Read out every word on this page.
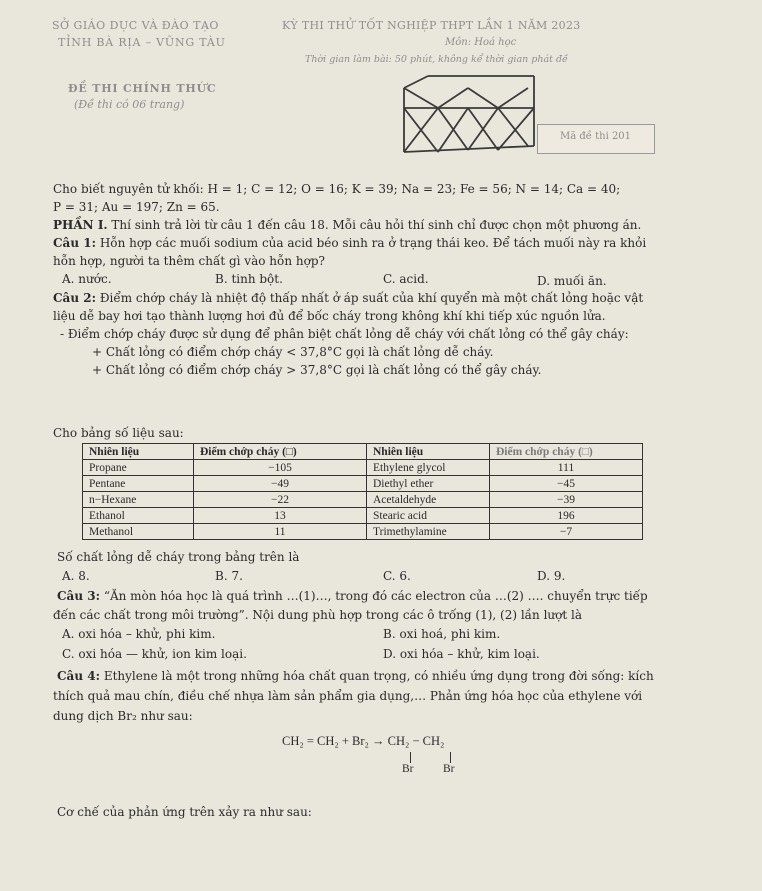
SỞ GIÁO DỤC VÀ ĐÀO TẠO
TỈNH BÀ RỊA – VŨNG TÀU
ĐỀ THI CHÍNH THỨC
(Đề thi có 06 trang)
KỲ THI THỬ TỐT NGHIỆP THPT LẦN 1 NĂM 2023
Môn: Hoá học
Thời gian làm bài: 50 phút, không kể thời gian phát đề
Mã đề thi 201
Cho biết nguyên tử khối: H = 1; C = 12; O = 16; K = 39; Na = 23; Fe = 56; N = 14; Ca = 40;
P = 31; Au = 197; Zn = 65.
PHẦN I. Thí sinh trả lời từ câu 1 đến câu 18. Mỗi câu hỏi thí sinh chỉ được chọn một phương án.
Câu 1: Hỗn hợp các muối sodium của acid béo sinh ra ở trạng thái keo. Để tách muối này ra khỏi
hỗn hợp, người ta thêm chất gì vào hỗn hợp?
A. nước.	B. tinh bột.	C. acid.	D. muối ăn.
Câu 2: Điểm chớp cháy là nhiệt độ thấp nhất ở áp suất của khí quyển mà một chất lỏng hoặc vật
liệu dễ bay hơi tạo thành lượng hơi đủ để bốc cháy trong không khí khi tiếp xúc nguồn lửa.
- Điểm chớp cháy được sử dụng để phân biệt chất lỏng dễ cháy với chất lỏng có thể gây cháy:
+ Chất lỏng có điểm chớp cháy < 37,8°C gọi là chất lỏng dễ cháy.
+ Chất lỏng có điểm chớp cháy > 37,8°C gọi là chất lỏng có thể gây cháy.
Cho bảng số liệu sau:
Nhiên liệu	Điểm chớp cháy (□)	Nhiên liệu	Điểm chớp cháy (□)
Propane	−105	Ethylene glycol	111
Pentane	−49	Diethyl ether	−45
n−Hexane	−22	Acetaldehyde	−39
Ethanol	13	Stearic acid	196
Methanol	11	Trimethylamine	−7
Số chất lỏng dễ cháy trong bảng trên là
A. 8.	B. 7.	C. 6.	D. 9.
Câu 3: “Ăn mòn hóa học là quá trình …(1)…, trong đó các electron của …(2) …. chuyển trực tiếp
đến các chất trong môi trường”. Nội dung phù hợp trong các ô trống (1), (2) lần lượt là
A. oxi hóa – khử, phi kim.	B. oxi hoá, phi kim.
C. oxi hóa — khử, ion kim loại.	D. oxi hóa – khử, kim loại.
Câu 4: Ethylene là một trong những hóa chất quan trọng, có nhiều ứng dụng trong đời sống: kích
thích quả mau chín, điều chế nhựa làm sản phẩm gia dụng,… Phản ứng hóa học của ethylene với
dung dịch Br₂ như sau:
CH₂ = CH₂ + Br₂ → CH₂ − CH₂
Br	Br
Cơ chế của phản ứng trên xảy ra như sau:
